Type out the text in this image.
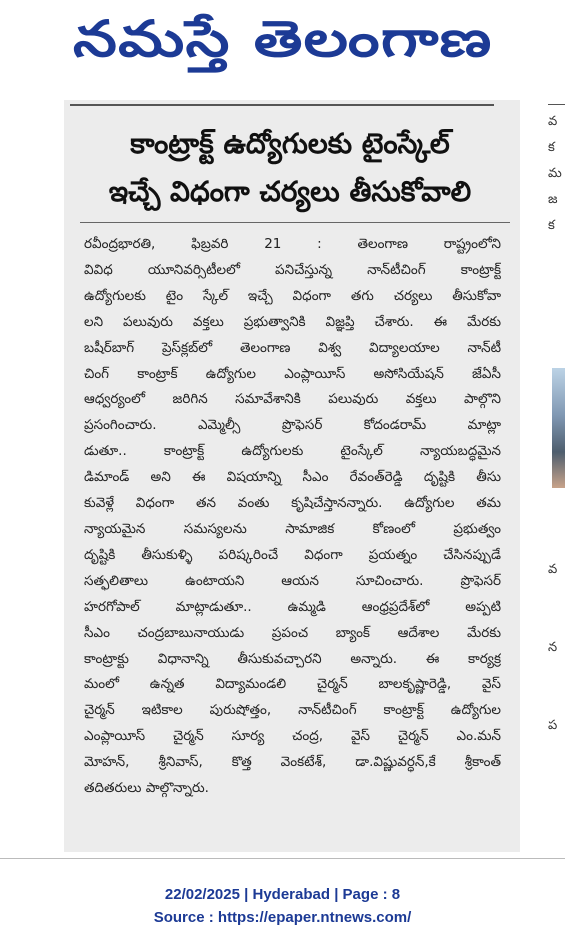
నమస్తే తెలంగాణ
కాంట్రాక్ట్ ఉద్యోగులకు టైంస్కేల్
ఇచ్చే విధంగా చర్యలు తీసుకోవాలి
రవీంద్రభారతి, ఫిబ్రవరి 21 : తెలంగాణ రాష్ట్రంలోని
వివిధ యూనివర్సిటీలలో పనిచేస్తున్న నాన్‌టీచింగ్ కాంట్రాక్ట్
ఉద్యోగులకు టైం స్కేల్ ఇచ్చే విధంగా తగు చర్యలు తీసుకోవా
లని పలువురు వక్తలు ప్రభుత్వానికి విజ్ఞప్తి చేశారు. ఈ మేరకు
బషీర్‌బాగ్ ప్రెస్‌క్లబ్‌లో తెలంగాణ విశ్వ విద్యాలయాల నాన్‌టీ
చింగ్ కాంట్రాక్ ఉద్యోగుల ఎంప్లాయీస్ అసోసియేషన్ జేఏసీ
ఆధ్వర్యంలో జరిగిన సమావేశానికి పలువురు వక్తలు పాల్గొని
ప్రసంగించారు. ఎమ్మెల్సీ ప్రొఫెసర్ కోదండరామ్ మాట్లా
డుతూ.. కాంట్రాక్ట్ ఉద్యోగులకు టైంస్కేల్ న్యాయబద్ధమైన
డిమాండ్ అని ఈ విషయాన్ని సీఎం రేవంత్‌రెడ్డి దృష్టికి తీసు
కువెళ్లే విధంగా తన వంతు కృషిచేస్తానన్నారు. ఉద్యోగుల తమ
న్యాయమైన సమస్యలను సామాజిక కోణంలో ప్రభుత్వం
దృష్టికి తీసుకుళ్ళి పరిష్కరించే విధంగా ప్రయత్నం చేసినప్పుడే
సత్ఫలితాలు ఉంటాయని ఆయన సూచించారు. ప్రొఫెసర్
హరగోపాల్ మాట్లాడుతూ.. ఉమ్మడి ఆంధ్రప్రదేశ్‌లో అప్పటి
సీఎం చంద్రబాబునాయుడు ప్రపంచ బ్యాంక్ ఆదేశాల మేరకు
కాంట్రాక్టు విధానాన్ని తీసుకువచ్చారని అన్నారు. ఈ కార్యక్ర
మంలో ఉన్నత విద్యామండలి చైర్మన్ బాలకృష్ణారెడ్డి, వైస్
చైర్మన్ ఇటికాల పురుషోత్తం, నాన్‌టీచింగ్ కాంట్రాక్ట్ ఉద్యోగుల
ఎంప్లాయీస్ చైర్మన్ సూర్య చంద్ర, వైస్ చైర్మన్ ఎం.మన్
మోహన్, శ్రీనివాస్, కొత్త వెంకటేశ్, డా.విష్ణువర్ధన్,కే శ్రీకాంత్
తదితరులు పాల్గొన్నారు.
వ
క
మ
జ
క
వ
న
ప
22/02/2025 | Hyderabad | Page : 8
Source : https://epaper.ntnews.com/
